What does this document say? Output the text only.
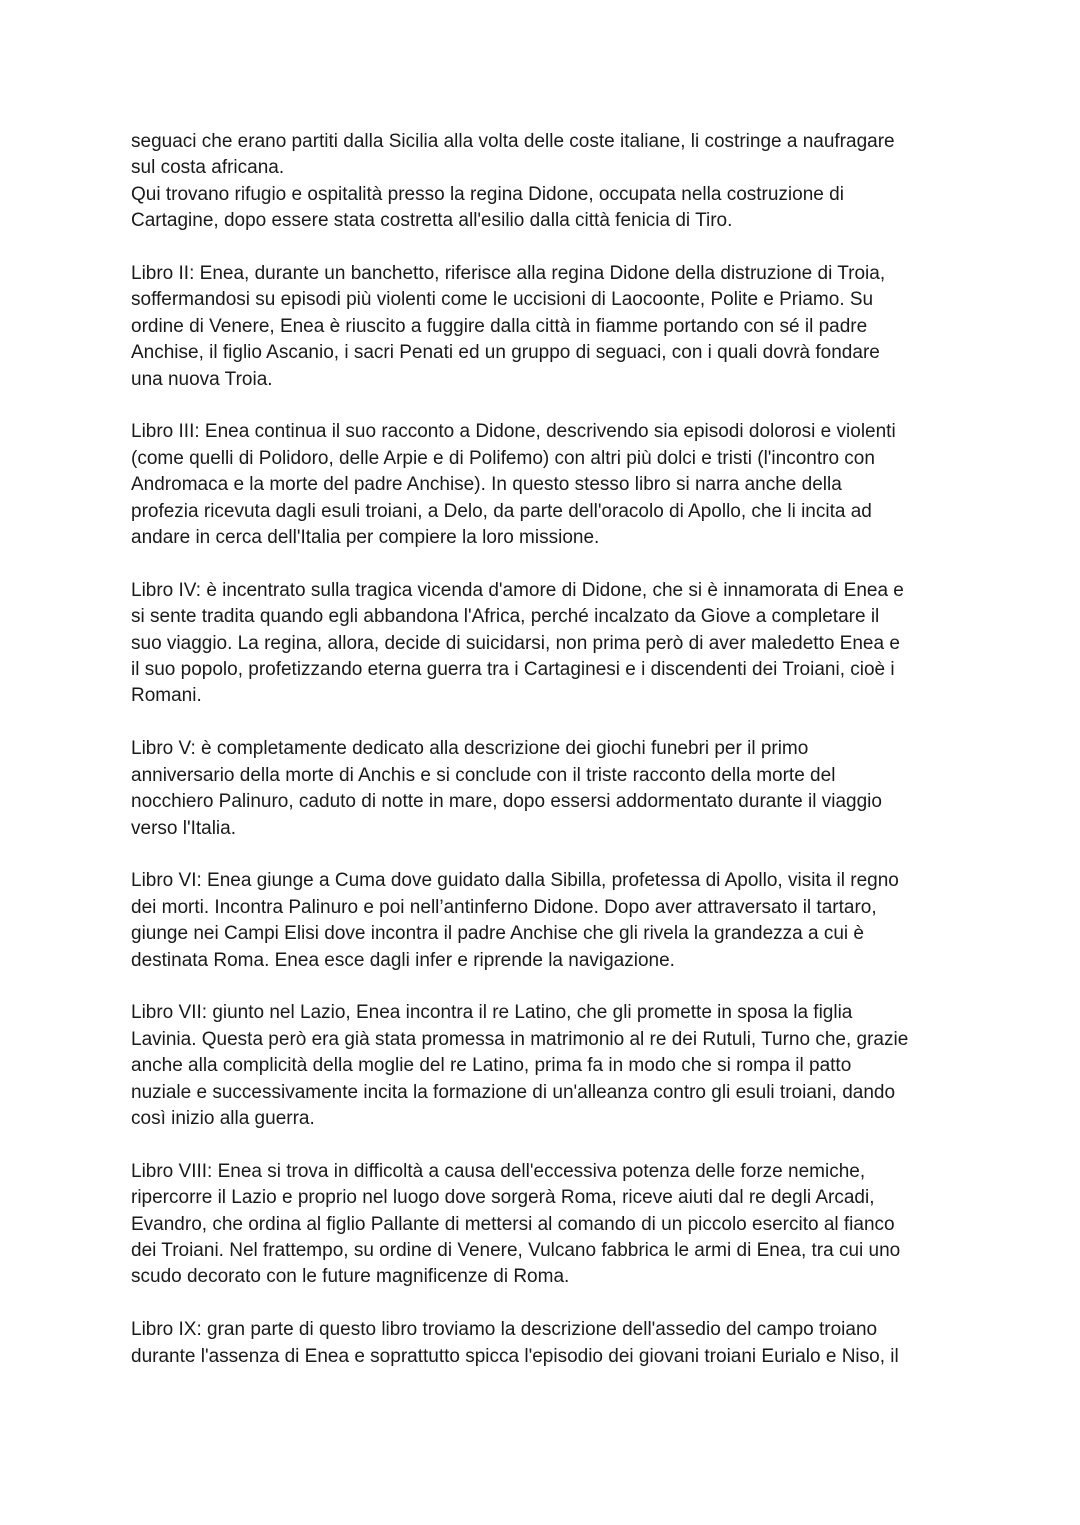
seguaci che erano partiti dalla Sicilia alla volta delle coste italiane, li costringe a naufragare
sul costa africana.
Qui trovano rifugio e ospitalità presso la regina Didone, occupata nella costruzione di
Cartagine, dopo essere stata costretta all'esilio dalla città fenicia di Tiro.
Libro II: Enea, durante un banchetto, riferisce alla regina Didone della distruzione di Troia,
soffermandosi su episodi più violenti come le uccisioni di Laocoonte, Polite e Priamo. Su
ordine di Venere, Enea è riuscito a fuggire dalla città in fiamme portando con sé il padre
Anchise, il figlio Ascanio, i sacri Penati ed un gruppo di seguaci, con i quali dovrà fondare
una nuova Troia.
Libro III: Enea continua il suo racconto a Didone, descrivendo sia episodi dolorosi e violenti
(come quelli di Polidoro, delle Arpie e di Polifemo) con altri più dolci e tristi (l'incontro con
Andromaca e la morte del padre Anchise). In questo stesso libro si narra anche della
profezia ricevuta dagli esuli troiani, a Delo, da parte dell'oracolo di Apollo, che li incita ad
andare in cerca dell'Italia per compiere la loro missione.
Libro IV: è incentrato sulla tragica vicenda d'amore di Didone, che si è innamorata di Enea e
si sente tradita quando egli abbandona l'Africa, perché incalzato da Giove a completare il
suo viaggio. La regina, allora, decide di suicidarsi, non prima però di aver maledetto Enea e
il suo popolo, profetizzando eterna guerra tra i Cartaginesi e i discendenti dei Troiani, cioè i
Romani.
Libro V: è completamente dedicato alla descrizione dei giochi funebri per il primo
anniversario della morte di Anchis e si conclude con il triste racconto della morte del
nocchiero Palinuro, caduto di notte in mare, dopo essersi addormentato durante il viaggio
verso l'Italia.
Libro VI: Enea giunge a Cuma dove guidato dalla Sibilla, profetessa di Apollo, visita il regno
dei morti. Incontra Palinuro e poi nell’antinferno Didone. Dopo aver attraversato il tartaro,
giunge nei Campi Elisi dove incontra il padre Anchise che gli rivela la grandezza a cui è
destinata Roma. Enea esce dagli infer e riprende la navigazione.
Libro VII: giunto nel Lazio, Enea incontra il re Latino, che gli promette in sposa la figlia
Lavinia. Questa però era già stata promessa in matrimonio al re dei Rutuli, Turno che, grazie
anche alla complicità della moglie del re Latino, prima fa in modo che si rompa il patto
nuziale e successivamente incita la formazione di un'alleanza contro gli esuli troiani, dando
così inizio alla guerra.
Libro VIII: Enea si trova in difficoltà a causa dell'eccessiva potenza delle forze nemiche,
ripercorre il Lazio e proprio nel luogo dove sorgerà Roma, riceve aiuti dal re degli Arcadi,
Evandro, che ordina al figlio Pallante di mettersi al comando di un piccolo esercito al fianco
dei Troiani. Nel frattempo, su ordine di Venere, Vulcano fabbrica le armi di Enea, tra cui uno
scudo decorato con le future magnificenze di Roma.
Libro IX: gran parte di questo libro troviamo la descrizione dell'assedio del campo troiano
durante l'assenza di Enea e soprattutto spicca l'episodio dei giovani troiani Eurialo e Niso, il
